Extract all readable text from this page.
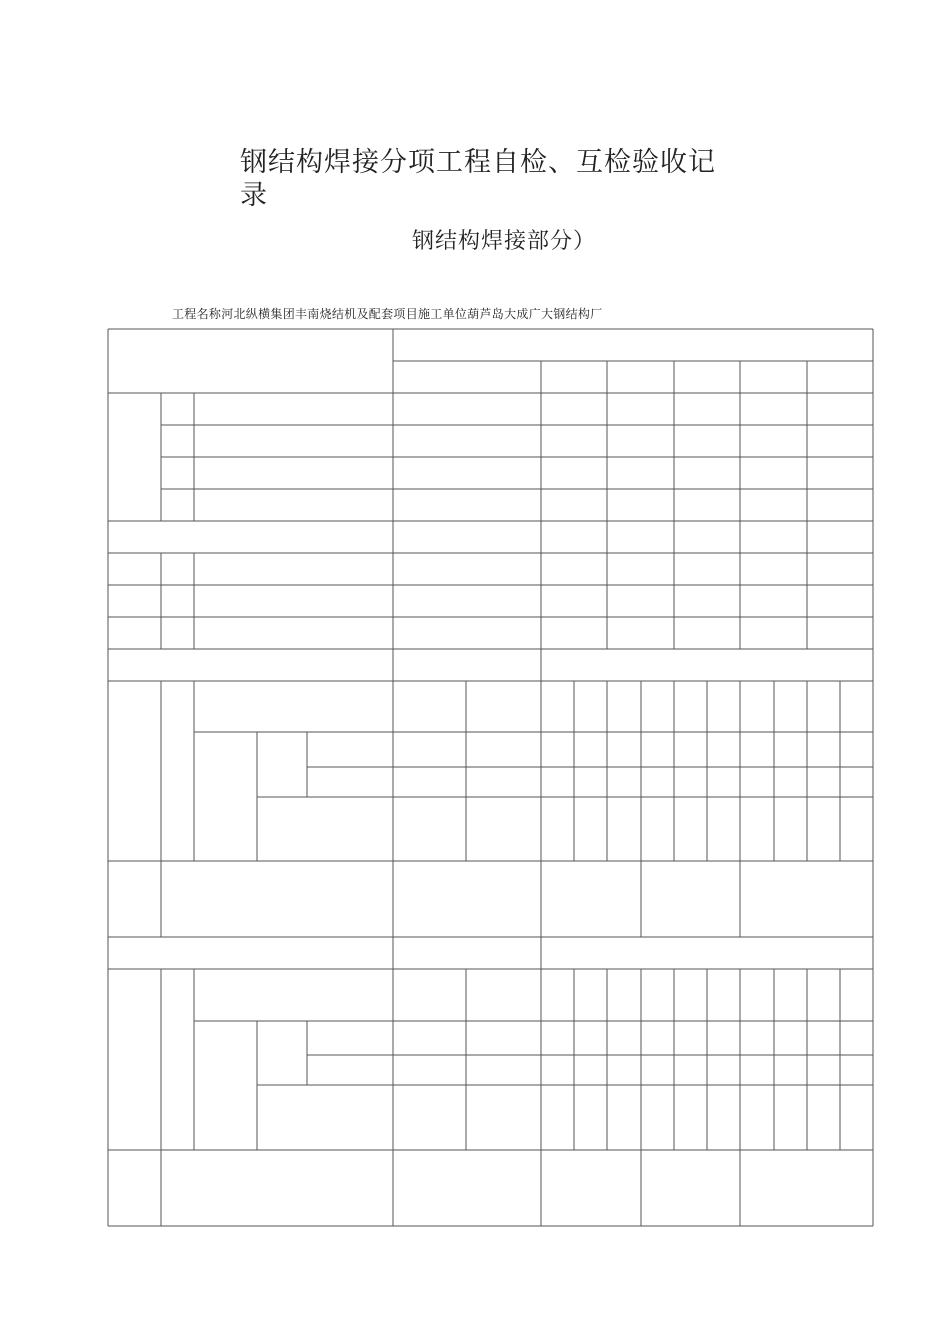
钢结构焊接分项工程自检、互检验收记录
钢结构焊接部分）
工程名称河北纵横集团丰南烧结机及配套项目施工单位葫芦岛大成广大钢结构厂
